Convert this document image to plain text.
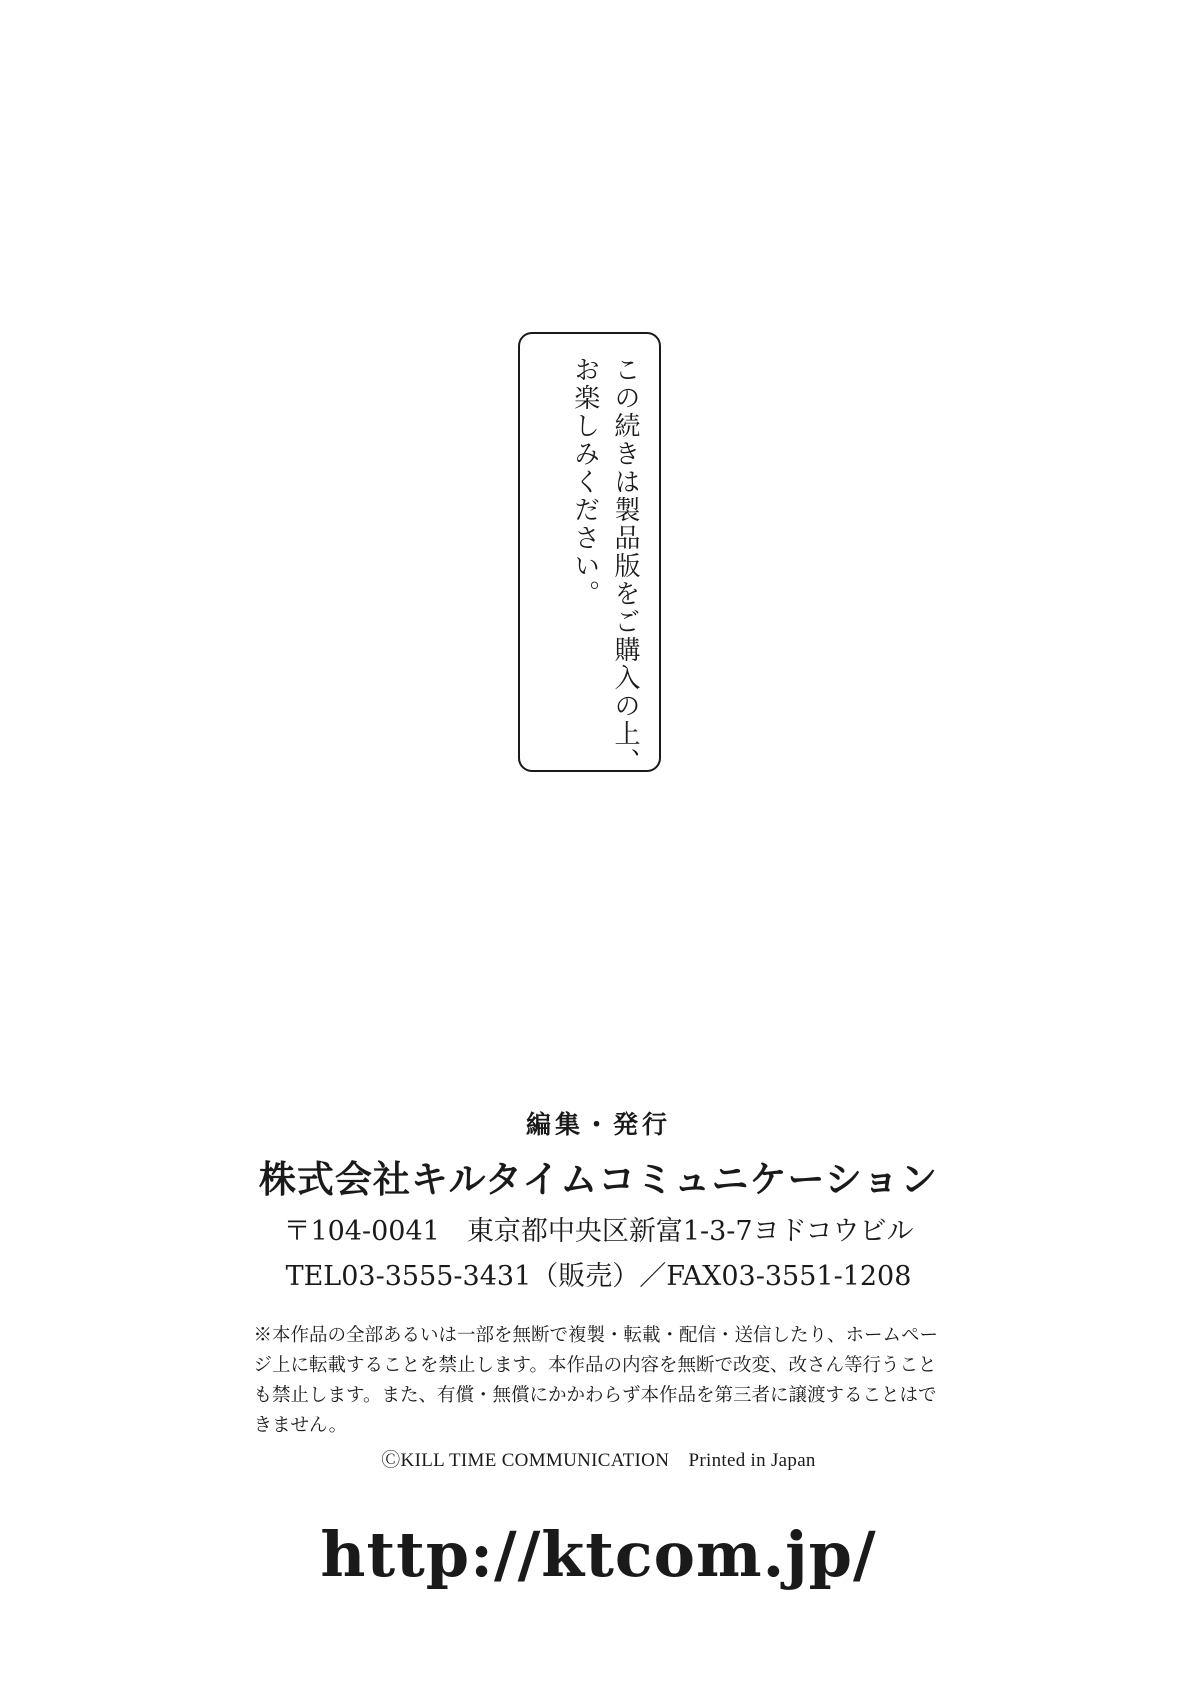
この続きは製品版をご購入の上、
お楽しみください。
編集・発行
株式会社キルタイムコミュニケーション
〒104-0041　東京都中央区新富1-3-7ヨドコウビル
TEL03-3555-3431（販売）／FAX03-3551-1208
※本作品の全部あるいは一部を無断で複製・転載・配信・送信したり、ホームページ上に転載することを禁止します。本作品の内容を無断で改変、改さん等行うことも禁止します。また、有償・無償にかかわらず本作品を第三者に譲渡することはできません。
ⒸKILL TIME COMMUNICATION　Printed in Japan
http://ktcom.jp/
